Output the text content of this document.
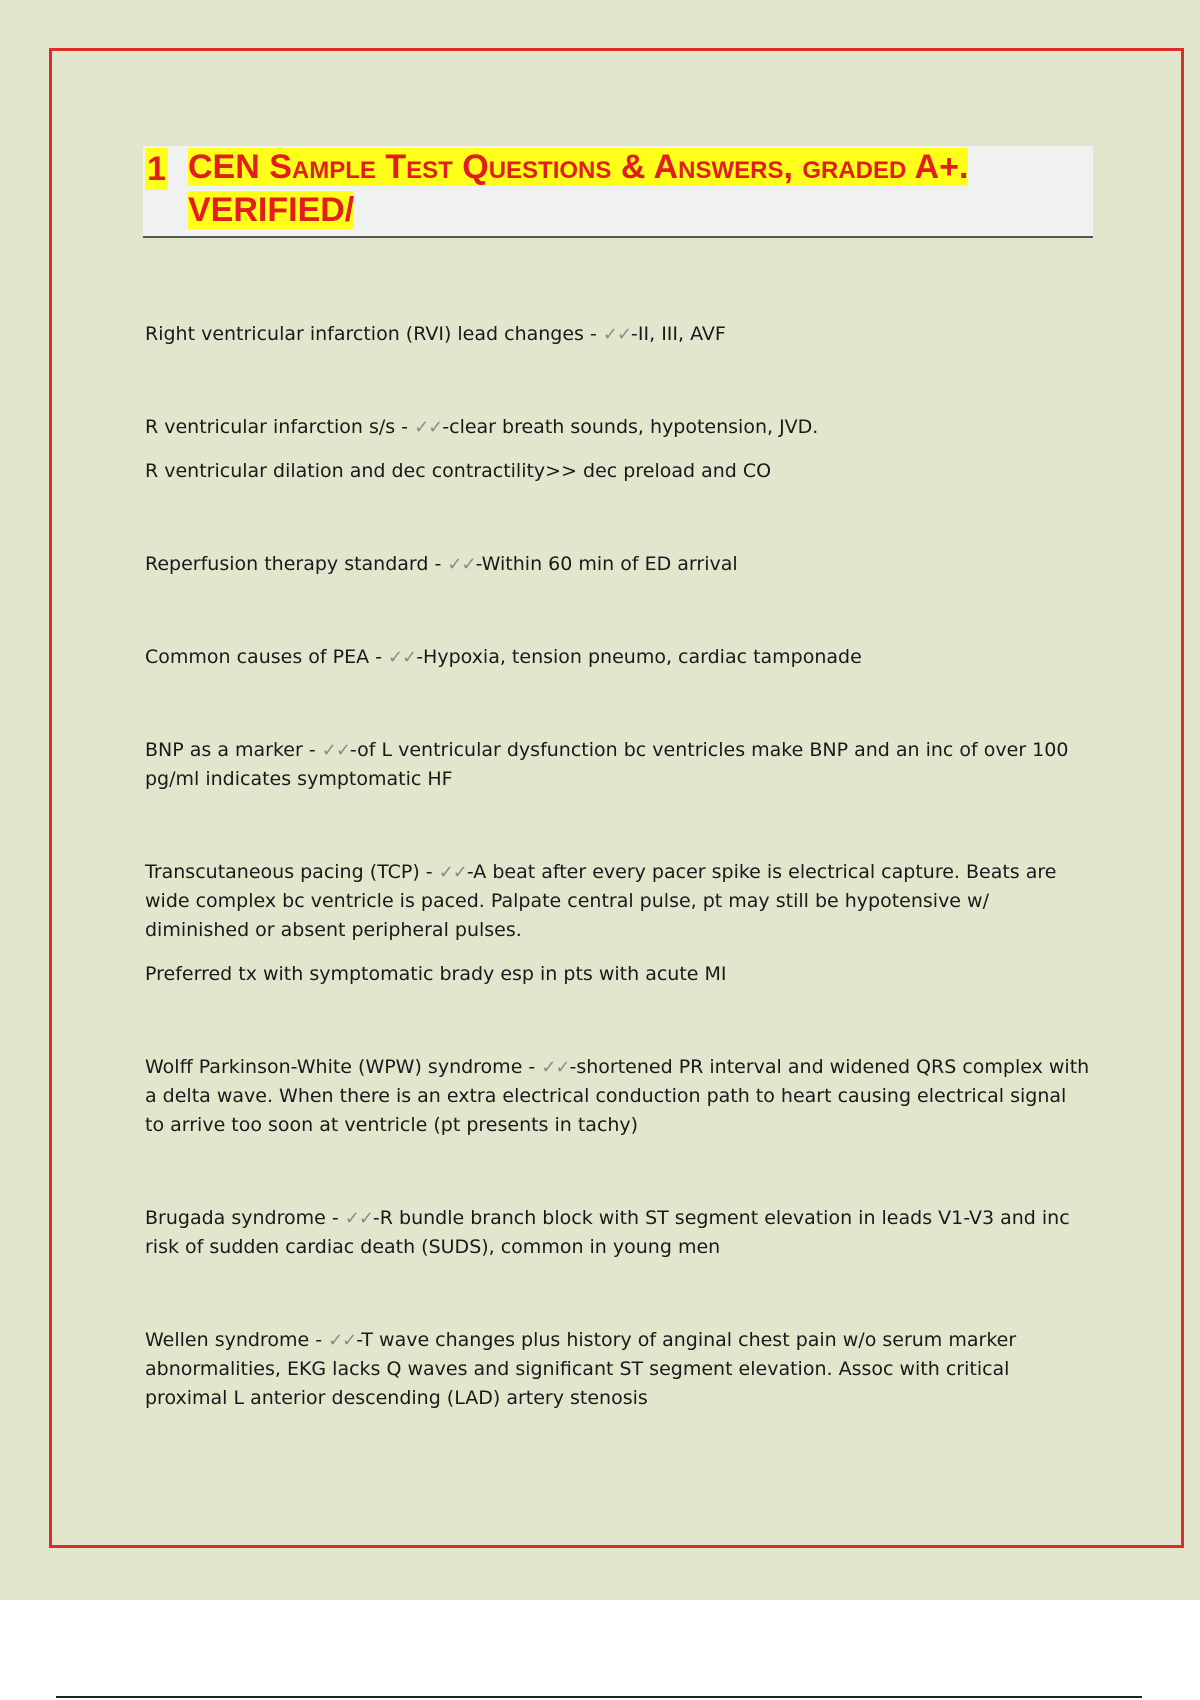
1 CEN Sample Test Questions & Answers, graded A+.
VERIFIED/

Right ventricular infarction (RVI) lead changes - ✓✓-II, III, AVF

R ventricular infarction s/s - ✓✓-clear breath sounds, hypotension, JVD.

R ventricular dilation and dec contractility>> dec preload and CO

Reperfusion therapy standard - ✓✓-Within 60 min of ED arrival

Common causes of PEA - ✓✓-Hypoxia, tension pneumo, cardiac tamponade

BNP as a marker - ✓✓-of L ventricular dysfunction bc ventricles make BNP and an inc of over 100 pg/ml indicates symptomatic HF

Transcutaneous pacing (TCP) - ✓✓-A beat after every pacer spike is electrical capture. Beats are wide complex bc ventricle is paced. Palpate central pulse, pt may still be hypotensive w/ diminished or absent peripheral pulses.

Preferred tx with symptomatic brady esp in pts with acute MI

Wolff Parkinson-White (WPW) syndrome - ✓✓-shortened PR interval and widened QRS complex with a delta wave. When there is an extra electrical conduction path to heart causing electrical signal to arrive too soon at ventricle (pt presents in tachy)

Brugada syndrome - ✓✓-R bundle branch block with ST segment elevation in leads V1-V3 and inc risk of sudden cardiac death (SUDS), common in young men

Wellen syndrome - ✓✓-T wave changes plus history of anginal chest pain w/o serum marker abnormalities, EKG lacks Q waves and significant ST segment elevation. Assoc with critical proximal L anterior descending (LAD) artery stenosis
